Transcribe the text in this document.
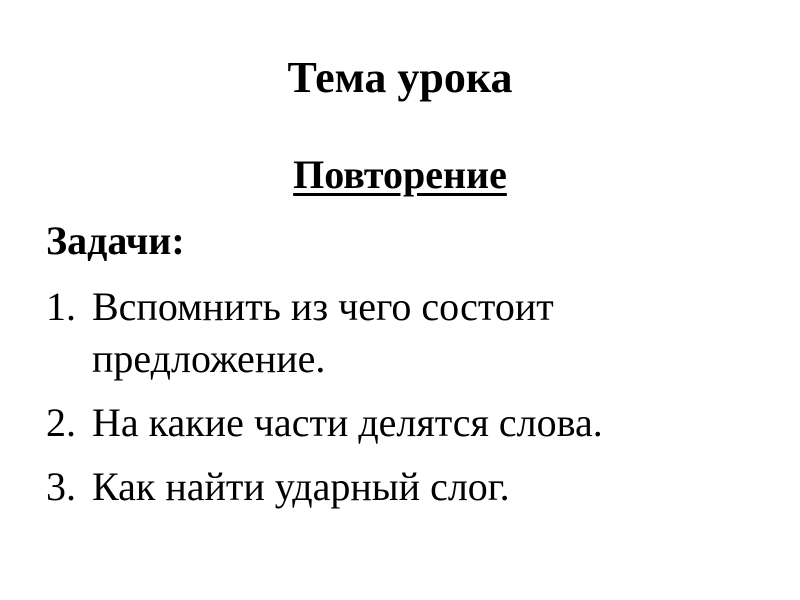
Тема урока
Повторение
Задачи:
1. Вспомнить из чего состоит предложение.
2. На какие части делятся слова.
3. Как найти ударный слог.
